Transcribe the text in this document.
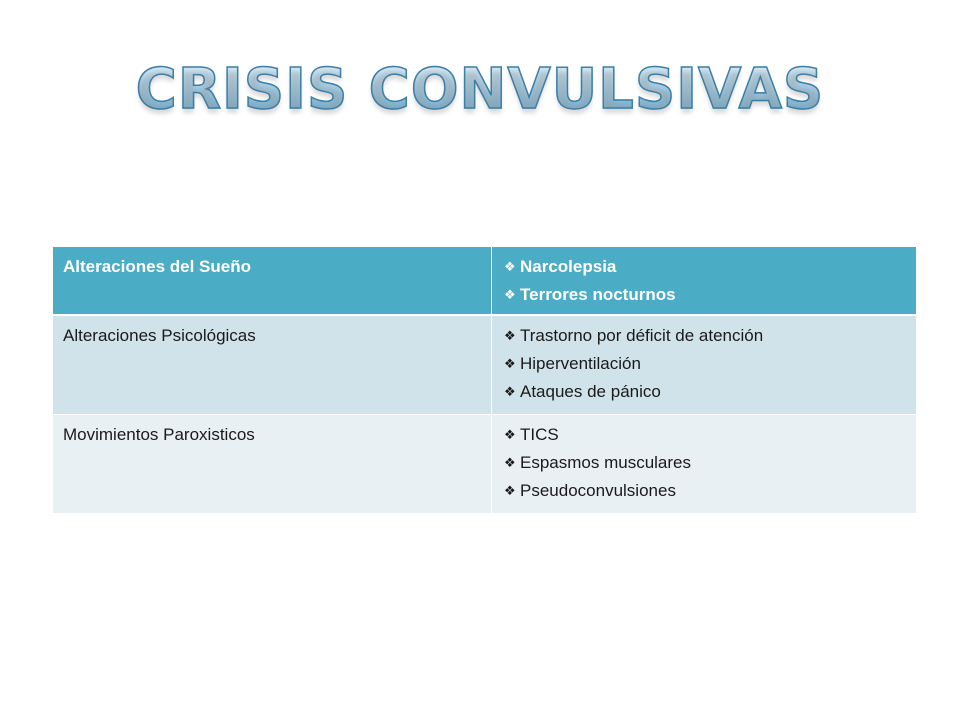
CRISIS CONVULSIVAS
Alteraciones del Sueño	❖ Narcolepsia
❖ Terrores nocturnos

Alteraciones Psicológicas	❖ Trastorno por déficit de atención
❖ Hiperventilación
❖ Ataques de pánico

Movimientos Paroxisticos	❖ TICS
❖ Espasmos musculares
❖ Pseudoconvulsiones
